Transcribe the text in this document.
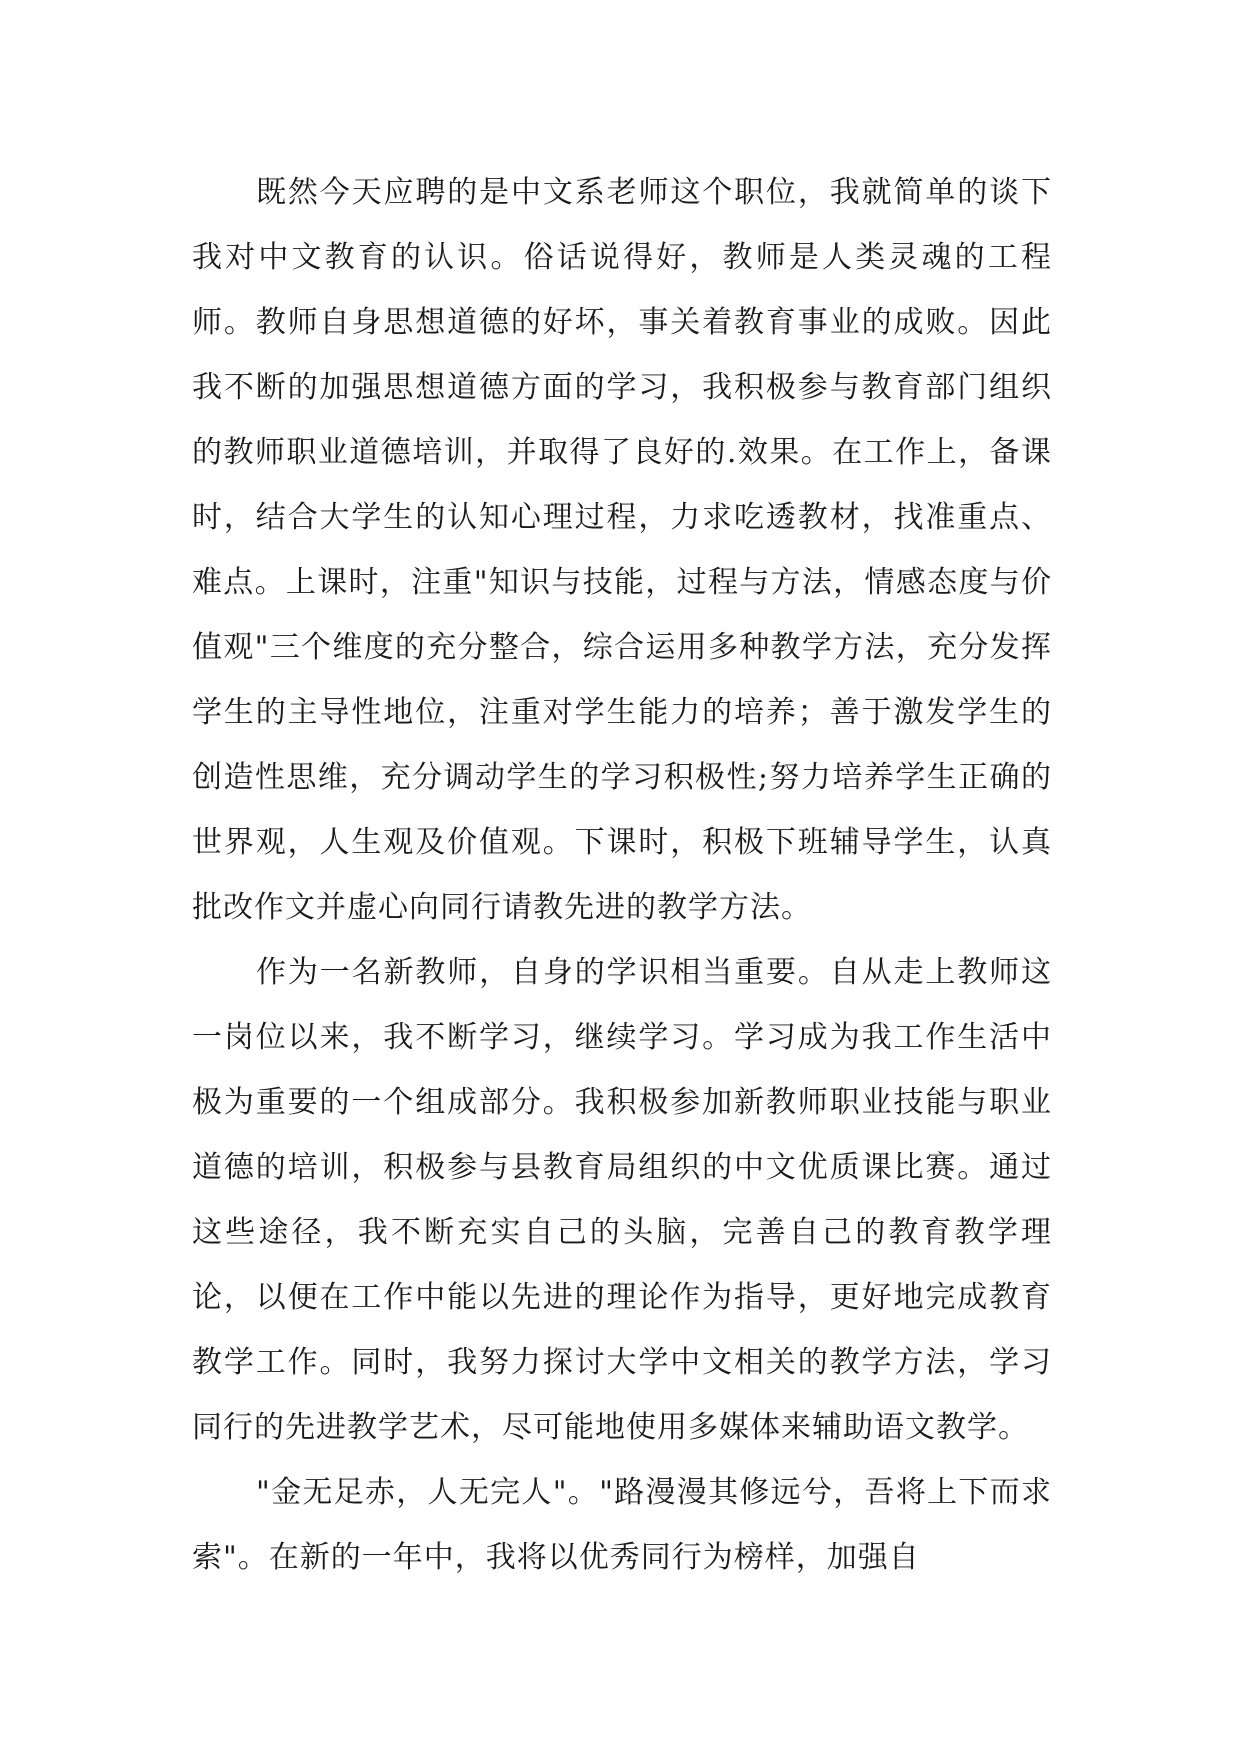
既然今天应聘的是中文系老师这个职位，我就简单的谈下我对中文教育的认识。俗话说得好，教师是人类灵魂的工程师。教师自身思想道德的好坏，事关着教育事业的成败。因此我不断的加强思想道德方面的学习，我积极参与教育部门组织的教师职业道德培训，并取得了良好的.效果。在工作上，备课时，结合大学生的认知心理过程，力求吃透教材，找准重点、难点。上课时，注重"知识与技能，过程与方法，情感态度与价值观"三个维度的充分整合，综合运用多种教学方法，充分发挥学生的主导性地位，注重对学生能力的培养；善于激发学生的创造性思维，充分调动学生的学习积极性;努力培养学生正确的世界观，人生观及价值观。下课时，积极下班辅导学生，认真批改作文并虚心向同行请教先进的教学方法。

作为一名新教师，自身的学识相当重要。自从走上教师这一岗位以来，我不断学习，继续学习。学习成为我工作生活中极为重要的一个组成部分。我积极参加新教师职业技能与职业道德的培训，积极参与县教育局组织的中文优质课比赛。通过这些途径，我不断充实自己的头脑，完善自己的教育教学理论，以便在工作中能以先进的理论作为指导，更好地完成教育教学工作。同时，我努力探讨大学中文相关的教学方法，学习同行的先进教学艺术，尽可能地使用多媒体来辅助语文教学。

"金无足赤，人无完人"。"路漫漫其修远兮，吾将上下而求索"。在新的一年中，我将以优秀同行为榜样，加强自
